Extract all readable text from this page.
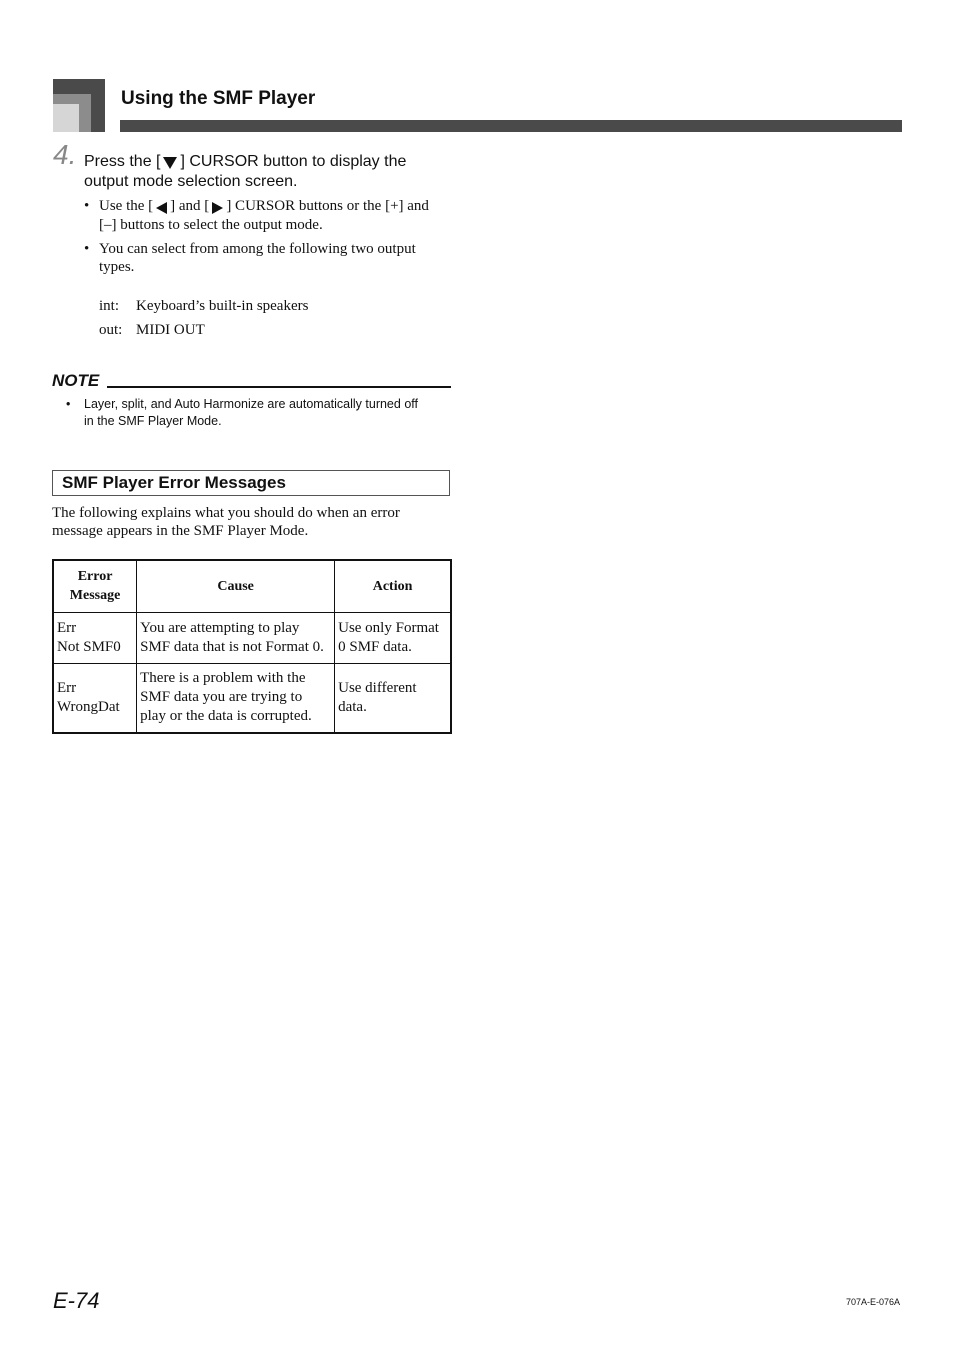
Using the SMF Player
4. Press the [ ] CURSOR button to display the
output mode selection screen.
• Use the [ ] and [ ] CURSOR buttons or the [+] and
[–] buttons to select the output mode.
• You can select from among the following two output
types.
int: Keyboard’s built-in speakers
out: MIDI OUT
NOTE
• Layer, split, and Auto Harmonize are automatically turned off
in the SMF Player Mode.
SMF Player Error Messages
The following explains what you should do when an error
message appears in the SMF Player Mode.
Error
Message	Cause	Action
Err
Not SMF0	You are attempting to play
SMF data that is not Format 0.	Use only Format
0 SMF data.
Err
WrongDat	There is a problem with the
SMF data you are trying to
play or the data is corrupted.	Use different
data.
E-74	707A-E-076A
